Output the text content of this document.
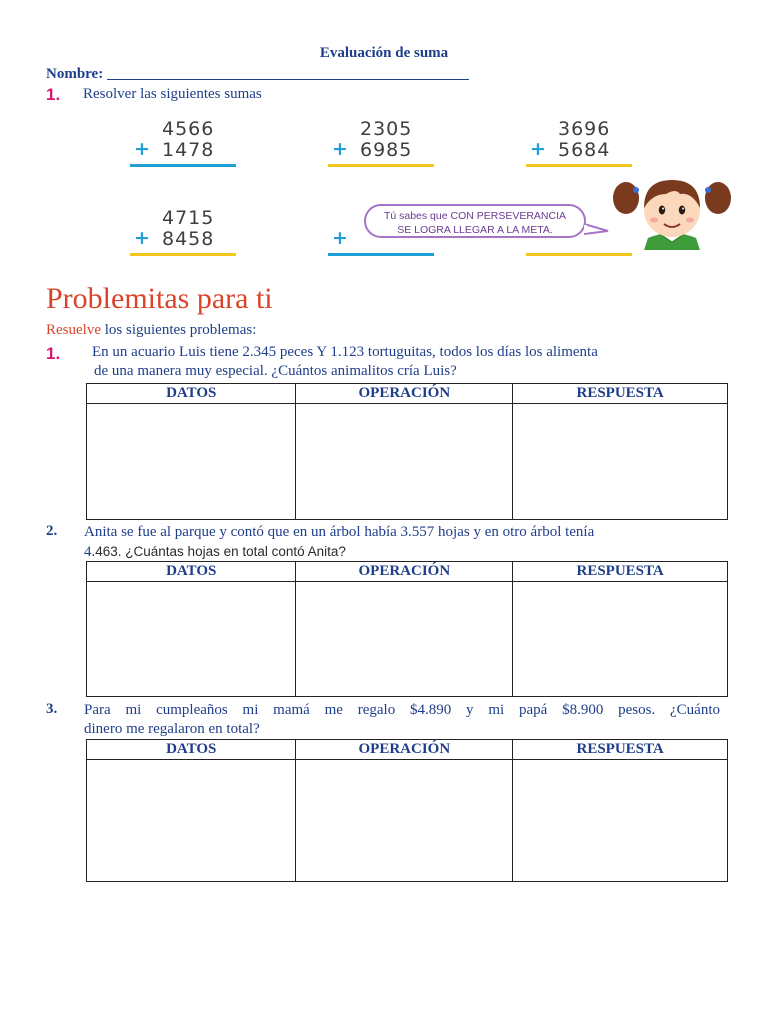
Evaluación de suma
Nombre:
1. Resolver las siguientes sumas
4566
+ 1478
2305
+ 6985
3696
+ 5684
4715
+ 8458	+
Tú sabes que CON PERSEVERANCIA
SE LOGRA LLEGAR A LA META.
Problemitas para ti
Resuelve los siguientes problemas:
1. En un acuario Luis tiene 2.345 peces Y 1.123 tortuguitas, todos los días los alimenta
de una manera muy especial. ¿Cuántos animalitos cría Luis?
DATOS	OPERACIÓN	RESPUESTA

2. Anita se fue al parque y contó que en un árbol había 3.557 hojas y en otro árbol tenía
4.463. ¿Cuántas hojas en total contó Anita?
DATOS	OPERACIÓN	RESPUESTA

3. Para mi cumpleaños mi mamá me regalo $4.890 y mi papá $8.900 pesos. ¿Cuánto
dinero me regalaron en total?
DATOS	OPERACIÓN	RESPUESTA
